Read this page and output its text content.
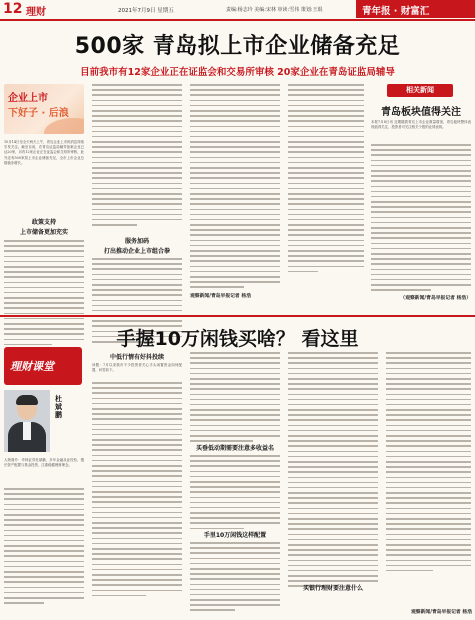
12 理财	2021年7月9日 星期五	责编:杨志玲 美编:宋林 审读:雪伟 策划:王琨	青年报 · 财富汇
500家 青岛拟上市企业储备充足
目前我市有12家企业正在证监会和交易所审核 20家企业在青岛证监局辅导
企业上市
下好子 · 后浪
10月14日至全天两天上午，青岛企业上市的消息持续引发关注。截至目前，在青岛证监局辅导备案企业已达20家，另有12家企业正在证监会和交易所审核，此外还有500家拟上市企业储备充足，全市上市企业总数稳步增长。
政策支持
上市储备更加充实
服务加码
打出推动企业上市组合拳
观察新闻/青岛早报记者 杨浩
相关新闻
青岛板块值得关注
本报7月8日讯 近期随着青岛上市企业数量增加，青岛板块整体表现值得关注，投资者可关注相关个股的业绩表现。
（观察新闻/青岛早报记者 杨浩）
手握10万闲钱买啥？ 看这里
理财课堂
杜斌鹏
人物简介：华林证券杜斌鹏，多年金融从业经验，擅长资产配置与基金投资，注重稳健理财理念。
中低行情有好抖投续
问题：7月以来我市不少投资者关心手头闲置资金如何配置，问答如下。
买垂低动期需要注意多收益名
手里10万闲钱这样配置
买银行理财要注意什么
观察新闻/青岛早报记者 杨浩
